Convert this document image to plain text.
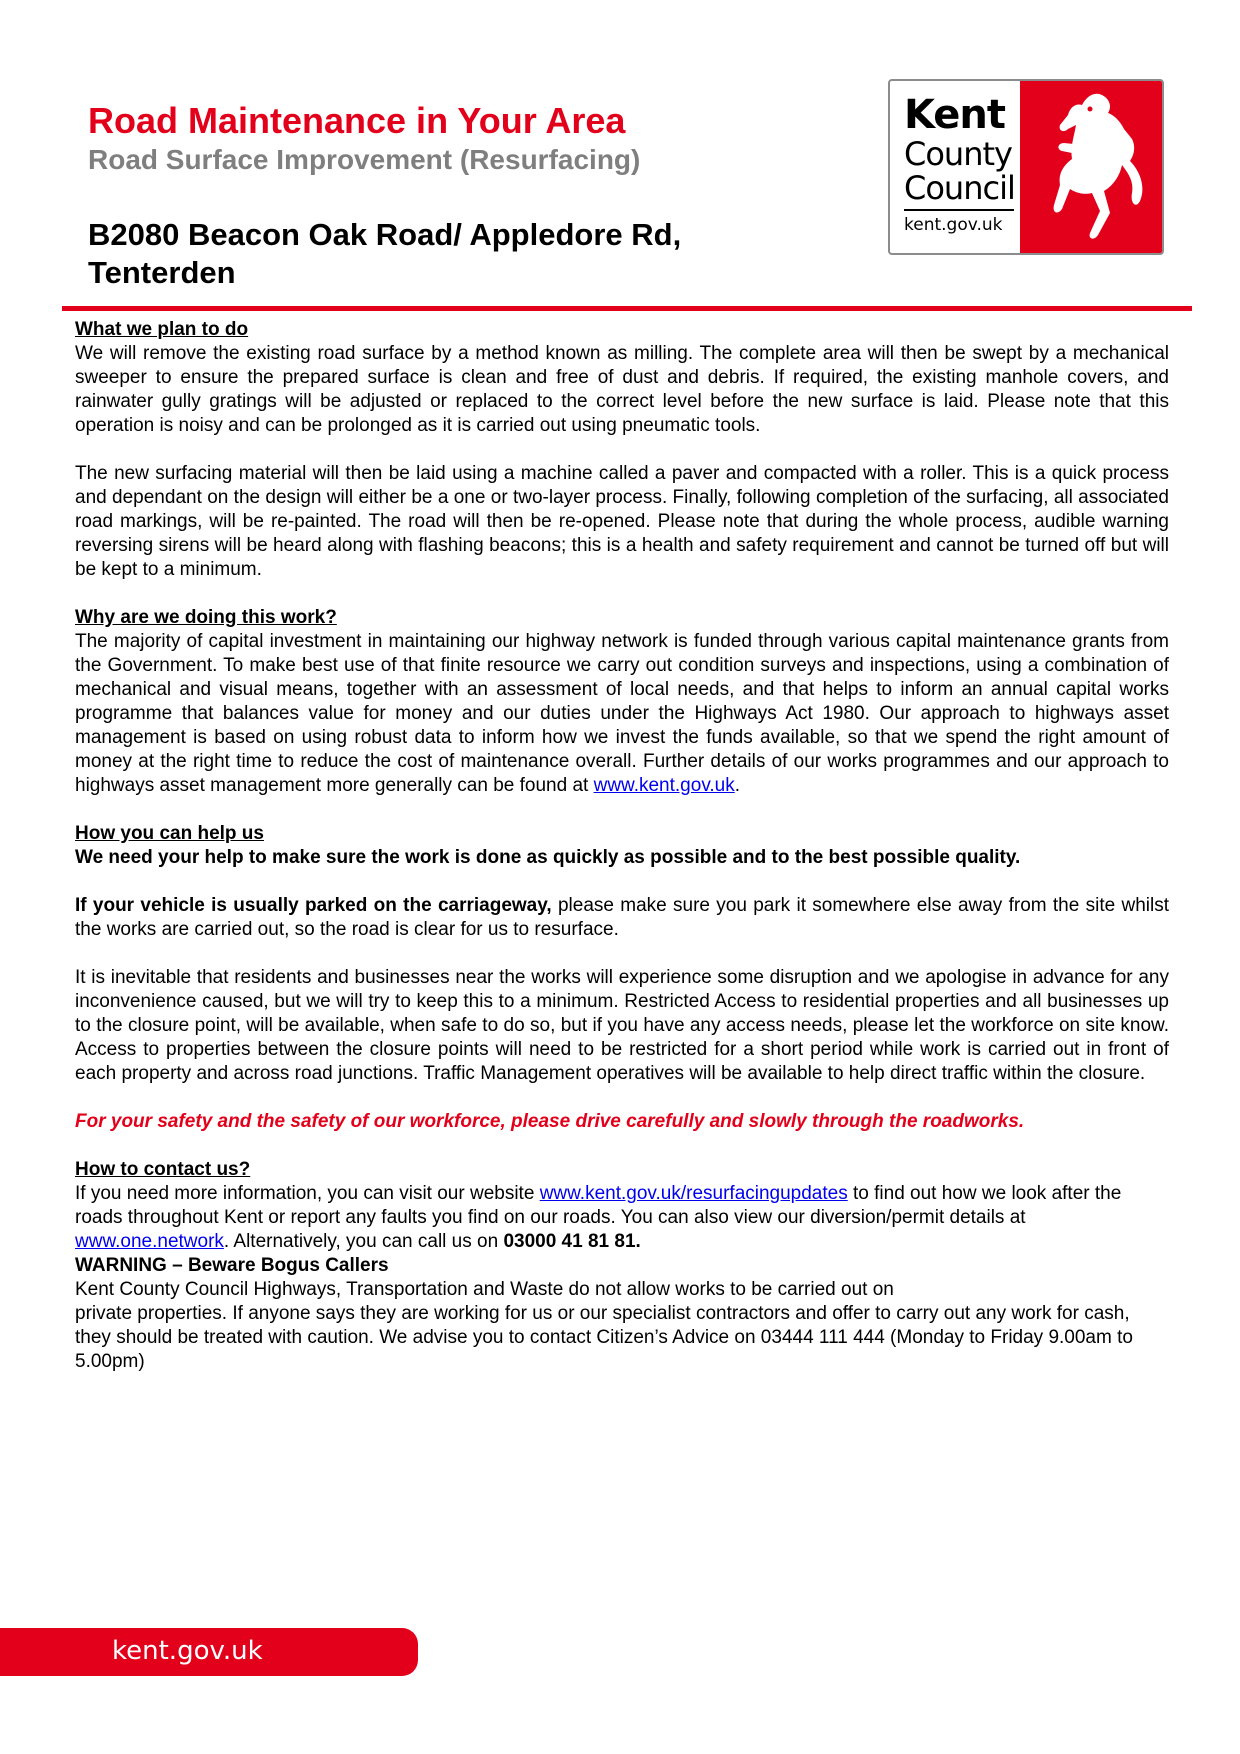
Road Maintenance in Your Area
Road Surface Improvement (Resurfacing)
B2080 Beacon Oak Road/ Appledore Rd,
Tenterden
Kent
County
Council
kent.gov.uk

What we plan to do
We will remove the existing road surface by a method known as milling. The complete area will then be swept by a mechanical sweeper to ensure the prepared surface is clean and free of dust and debris. If required, the existing manhole covers, and rainwater gully gratings will be adjusted or replaced to the correct level before the new surface is laid. Please note that this operation is noisy and can be prolonged as it is carried out using pneumatic tools.

The new surfacing material will then be laid using a machine called a paver and compacted with a roller. This is a quick process and dependant on the design will either be a one or two-layer process. Finally, following completion of the surfacing, all associated road markings, will be re-painted. The road will then be re-opened. Please note that during the whole process, audible warning reversing sirens will be heard along with flashing beacons; this is a health and safety requirement and cannot be turned off but will be kept to a minimum.

Why are we doing this work?
The majority of capital investment in maintaining our highway network is funded through various capital maintenance grants from the Government. To make best use of that finite resource we carry out condition surveys and inspections, using a combination of mechanical and visual means, together with an assessment of local needs, and that helps to inform an annual capital works programme that balances value for money and our duties under the Highways Act 1980. Our approach to highways asset management is based on using robust data to inform how we invest the funds available, so that we spend the right amount of money at the right time to reduce the cost of maintenance overall. Further details of our works programmes and our approach to highways asset management more generally can be found at www.kent.gov.uk.

How you can help us
We need your help to make sure the work is done as quickly as possible and to the best possible quality.

If your vehicle is usually parked on the carriageway, please make sure you park it somewhere else away from the site whilst the works are carried out, so the road is clear for us to resurface.

It is inevitable that residents and businesses near the works will experience some disruption and we apologise in advance for any inconvenience caused, but we will try to keep this to a minimum. Restricted Access to residential properties and all businesses up to the closure point, will be available, when safe to do so, but if you have any access needs, please let the workforce on site know. Access to properties between the closure points will need to be restricted for a short period while work is carried out in front of each property and across road junctions. Traffic Management operatives will be available to help direct traffic within the closure.

For your safety and the safety of our workforce, please drive carefully and slowly through the roadworks.

How to contact us?
If you need more information, you can visit our website www.kent.gov.uk/resurfacingupdates to find out how we look after the roads throughout Kent or report any faults you find on our roads. You can also view our diversion/permit details at www.one.network. Alternatively, you can call us on 03000 41 81 81.
WARNING – Beware Bogus Callers
Kent County Council Highways, Transportation and Waste do not allow works to be carried out on
private properties. If anyone says they are working for us or our specialist contractors and offer to carry out any work for cash, they should be treated with caution. We advise you to contact Citizen’s Advice on 03444 111 444 (Monday to Friday 9.00am to 5.00pm)

kent.gov.uk
